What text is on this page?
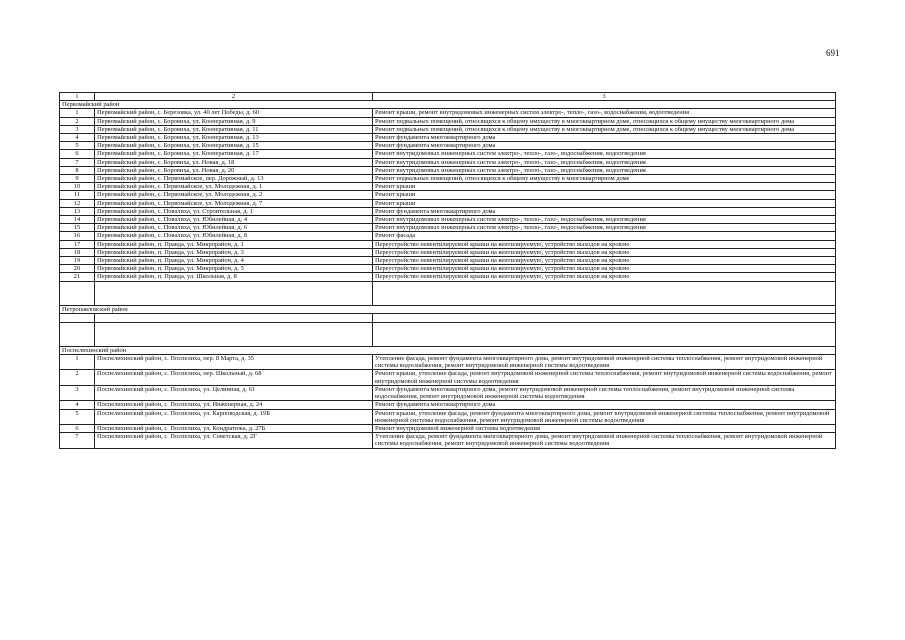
691
1	2	3
Первомайский район		
1	Первомайский район, с. Березовка, ул. 40 лет Победы, д. 60	Ремонт крыши, ремонт внутридомовых инженерных систем электро-, тепло-, газо-, водоснабжения, водоотведения
2	Первомайский район, с. Боровиха, ул. Кооперативная, д. 9	Ремонт подвальных помещений, относящихся к общему имуществу в многоквартирном доме, относящихся к общему имуществу многоквартирного дома
3	Первомайский район, с. Боровиха, ул. Кооперативная, д. 11	Ремонт подвальных помещений, относящихся к общему имуществу в многоквартирном доме, относящихся к общему имуществу многоквартирного дома
4	Первомайский район, с. Боровиха, ул. Кооперативная, д. 13	Ремонт фундамента многоквартирного дома
5	Первомайский район, с. Боровиха, ул. Кооперативная, д. 15	Ремонт фундамента многоквартирного дома
6	Первомайский район, с. Боровиха, ул. Кооперативная, д. 17	Ремонт внутридомовых инженерных систем электро-, тепло-, газо-, водоснабжения, водоотведения
7	Первомайский район, с. Боровиха, ул. Новая, д. 18	Ремонт внутридомовых инженерных систем электро-, тепло-, газо-, водоснабжения, водоотведения
8	Первомайский район, с. Боровиха, ул. Новая, д. 20	Ремонт внутридомовых инженерных систем электро-, тепло-, газо-, водоснабжения, водоотведения
9	Первомайский район, с. Первомайское, пер. Дорожный, д. 13	Ремонт подвальных помещений, относящихся к общему имуществу в многоквартирном доме
10	Первомайский район, с. Первомайское, ул. Молодежная, д. 1	Ремонт крыши
11	Первомайский район, с. Первомайское, ул. Молодежная, д. 2	Ремонт крыши
12	Первомайский район, с. Первомайское, ул. Молодежная, д. 7	Ремонт крыши
13	Первомайский район, с. Повалиха, ул. Строительная, д. 1	Ремонт фундамента многоквартирного дома
14	Первомайский район, с. Повалиха, ул. Юбилейная, д. 4	Ремонт внутридомовых инженерных систем электро-, тепло-, газо-, водоснабжения, водоотведения
15	Первомайский район, с. Повалиха, ул. Юбилейная, д. 6	Ремонт внутридомовых инженерных систем электро-, тепло-, газо-, водоснабжения, водоотведения
16	Первомайский район, с. Повалиха, ул. Юбилейная, д. 8	Ремонт фасада
17	Первомайский район, п. Правда, ул. Микрорайон, д. 1	Переустройство невентилируемой крыши на вентилируемую, устройство выходов на кровлю
18	Первомайский район, п. Правда, ул. Микрорайон, д. 3	Переустройство невентилируемой крыши на вентилируемую, устройство выходов на кровлю
19	Первомайский район, п. Правда, ул. Микрорайон, д. 4	Переустройство невентилируемой крыши на вентилируемую, устройство выходов на кровлю
20	Первомайский район, п. Правда, ул. Микрорайон, д. 5	Переустройство невентилируемой крыши на вентилируемую, устройство выходов на кровлю
21	Первомайский район, п. Правда, ул. Школьная, д. 8	Переустройство невентилируемой крыши на вентилируемую, устройство выходов на кровлю

Петропавловский район		

Поспелихинский район		
1	Поспелихинский район, с. Поспелиха, пер. 8 Марта, д. 35	Утепление фасада, ремонт фундамента многоквартирного дома, ремонт внутридомовой инженерной системы теплоснабжения, ремонт внутридомовой инженерной системы водоснабжения, ремонт внутридомовой инженерной системы водоотведения
2	Поспелихинский район, с. Поспелиха, пер. Школьный, д. 68	Ремонт крыши, утепление фасада, ремонт внутридомовой инженерной системы теплоснабжения, ремонт внутридомовой инженерной системы водоснабжения, ремонт внутридомовой инженерной системы водоотведения
3	Поспелихинский район, с. Поспелиха, ул. Целинная, д. 61	Ремонт фундамента многоквартирного дома, ремонт внутридомовой инженерной системы теплоснабжения, ремонт внутридомовой инженерной системы водоснабжения, ремонт внутридомовой инженерной системы водоотведения
4	Поспелихинский район, с. Поспелиха, ул. Инженерная, д. 24	Ремонт фундамента многоквартирного дома
5	Поспелихинский район, с. Поспелиха, ул. Карповодская, д. 19Б	Ремонт крыши, утепление фасада, ремонт фундамента многоквартирного дома, ремонт внутридомовой инженерной системы теплоснабжения, ремонт внутридомовой инженерной системы водоснабжения, ремонт внутридомовой инженерной системы водоотведения
6	Поспелихинский район, с. Поспелиха, ул. Кондратюка, д. 27Б	Ремонт внутридомовой инженерной системы водоотведения
7	Поспелихинский район, с. Поспелиха, ул. Советская, д. 2Г	Утепление фасада, ремонт фундамента многоквартирного дома, ремонт внутридомовой инженерной системы теплоснабжения, ремонт внутридомовой инженерной системы водоснабжения, ремонт внутридомовой инженерной системы водоотведения
